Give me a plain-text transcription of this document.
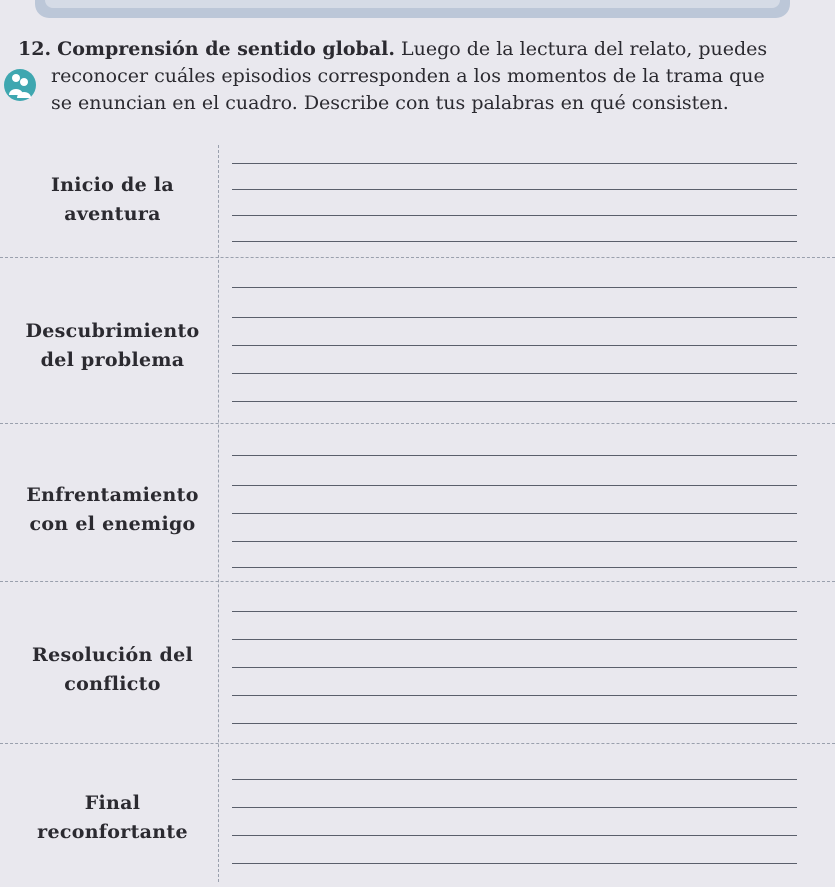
12. Comprensión de sentido global. Luego de la lectura del relato, puedes
reconocer cuáles episodios corresponden a los momentos de la trama que
se enuncian en el cuadro. Describe con tus palabras en qué consisten.
Inicio de la
aventura
Descubrimiento
del problema
Enfrentamiento
con el enemigo
Resolución del
conflicto
Final
reconfortante
